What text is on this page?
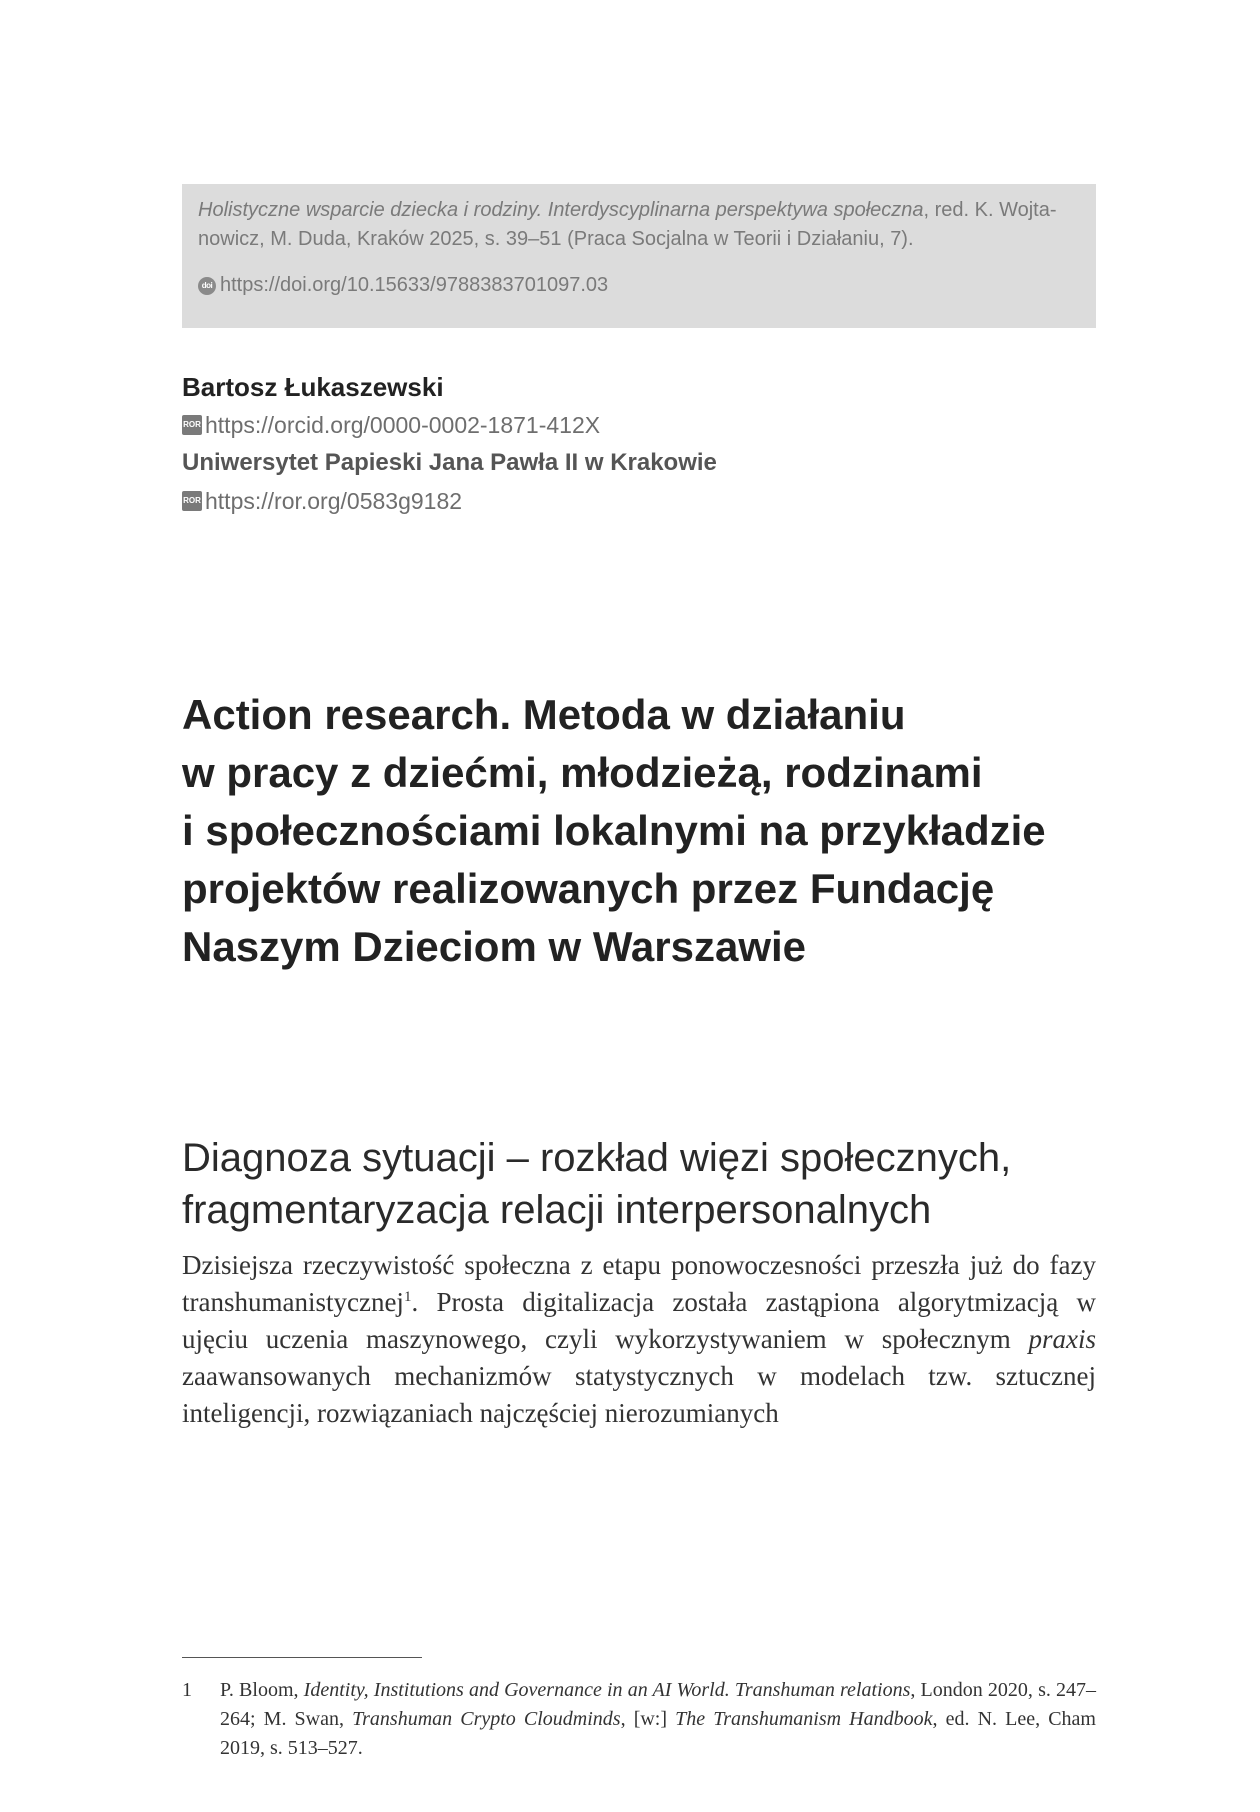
Holistyczne wsparcie dziecka i rodziny. Interdyscyplinarna perspektywa społeczna, red. K. Wojta-
nowicz, M. Duda, Kraków 2025, s. 39–51 (Praca Socjalna w Teorii i Działaniu, 7).
doi https://doi.org/10.15633/9788383701097.03
Bartosz Łukaszewski
ROR https://orcid.org/0000-0002-1871-412X
Uniwersytet Papieski Jana Pawła II w Krakowie
ROR https://ror.org/0583g9182
Action research. Metoda w działaniu
w pracy z dziećmi, młodzieżą, rodzinami
i społecznościami lokalnymi na przykładzie
projektów realizowanych przez Fundację
Naszym Dzieciom w Warszawie
Diagnoza sytuacji – rozkład więzi społecznych,
fragmentaryzacja relacji interpersonalnych

Dzisiejsza rzeczywistość społeczna z etapu ponowoczesności przeszła już do fazy transhumanistycznej$^1$. Prosta digitalizacja została zastąpiona algorytmizacją w ujęciu uczenia maszynowego, czyli wykorzystywaniem w społecznym praxis zaawansowanych mechanizmów statystycznych w modelach tzw. sztucznej inteligencji, rozwiązaniach najczęściej nierozumianych

1	P. Bloom, Identity, Institutions and Governance in an AI World. Transhuman relations, London 2020, s. 247–264; M. Swan, Transhuman Crypto Cloudminds, [w:] The Transhumanism Handbook, ed. N. Lee, Cham 2019, s. 513–527.
